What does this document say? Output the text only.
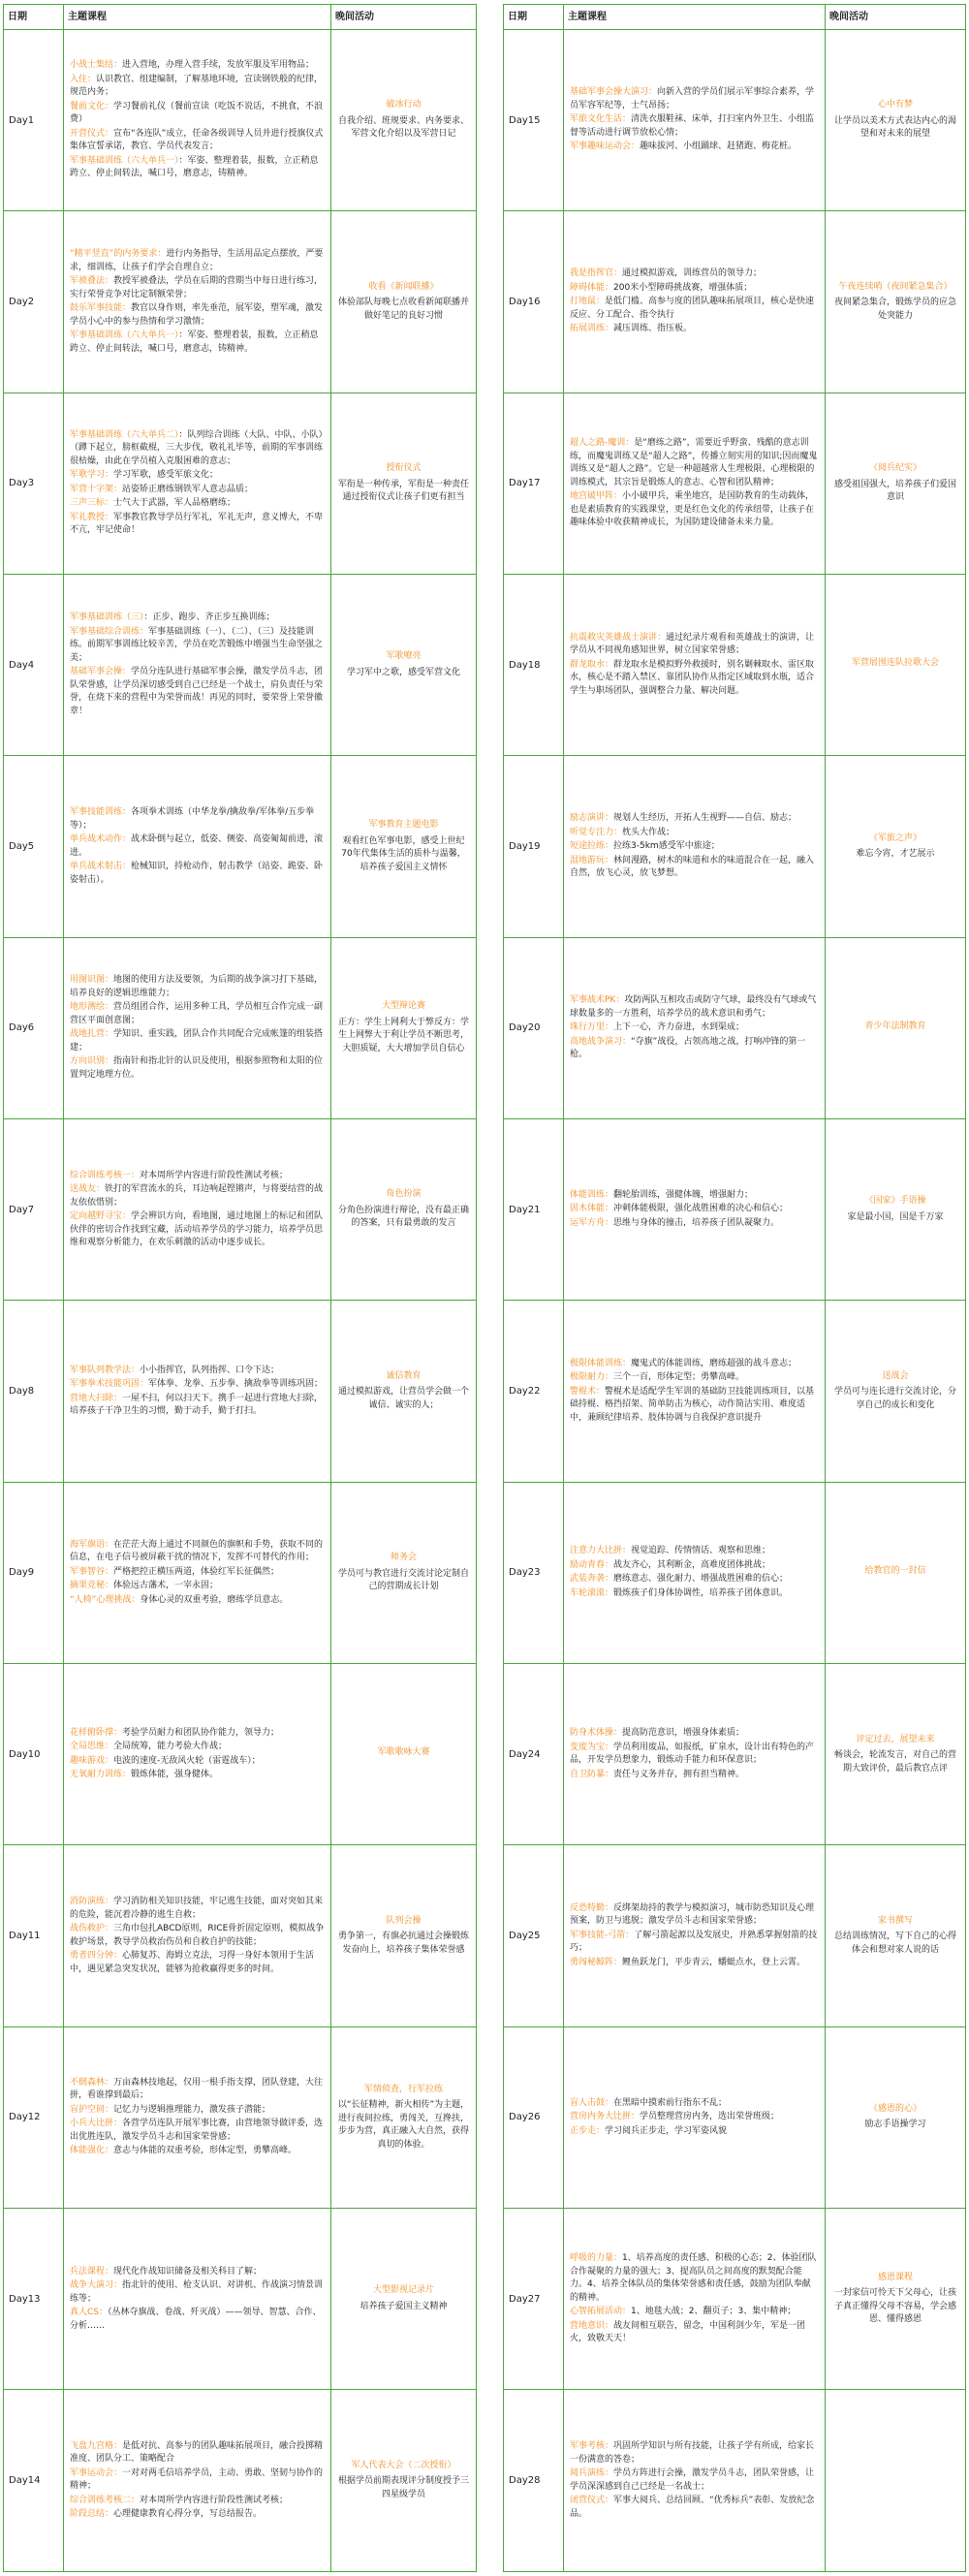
日期	主题课程	晚间活动
Day1	小战士集结：进入营地，办理入营手续，发放军服及军用物品；
入住：认识教官、组建编制，了解基地环境，宣读钢铁般的纪律，规范内务；
餐前文化：学习餐前礼仪（餐前宣读（吃饭不说话，不挑食，不浪费）
开营仪式：宣布“各连队”成立，任命各级训导人员并进行授旗仪式集体宣誓承诺，教官、学员代表发言；
军事基础训练（六大单兵一）：军姿、整理着装，报数，立正稍息跨立、停止间转法，喊口号，磨意志，铸精神。	破冰行动
自我介绍、班规要求、内务要求、军营文化介绍以及军营日记

Day2	“精平竖直”的内务要求：进行内务指导，生活用品定点摆放，严要求，细训练，让孩子们学会自理自立；
军被叠法：教授军被叠法，学员在后期的营期当中每日进行练习，实行荣誉竞争对比定制额荣誉；
鼓乐军事技能：教官以身作则，率先垂范，展军姿，塑军魂，激发学员小心中的参与热情和学习激情；
军事基础训练（六大单兵一）：军姿、整理着装，报数，立正稍息跨立、停止间转法，喊口号，磨意志，铸精神。	收看《新闻联播》
体验部队每晚七点收看新闻联播并做好笔记的良好习惯

Day3	军事基础训练（六大单兵二）：队列综合训练（大队、中队、小队）（蹲下起立，膀框截棍，三大步伐，敬礼礼毕等，前期的军事训练很枯燥，由此在学员植入克服困难的意志；
军歌学习：学习军歌，感受军旅文化；
军营十字架：站姿矫正磨练钢铁军人意志品质；
三声三标：士气大于武器，军人品格磨练；
军礼教授：军事教官教导学员行军礼，军礼无声，意义博大，不卑不亢，牢记使命！	授衔仪式
军衔是一种传承，军衔是一种责任通过授衔仪式让孩子们更有担当

Day4	军事基础训练（三）：正步、跑步、齐正步互换训练；
军事基础综合训练：军事基础训练（一）、（二）、（三）及技能训练。前期军事训练比较辛苦，学员在吃苦锻炼中增强当生命坚强之美；
基础军事会操：学员分连队进行基础军事会操，激发学员斗志，团队荣誉感，让学员深切感受到自己已经是一个战士，肩负责任与荣誉，在烧下来的营程中为荣誉而战！再见的同时，要荣誉上荣誉徽章！	军歌嘹亮
学习军中之歌，感受军营文化

Day5	军事技能训练：各项拳术训练（中华龙拳/擒敌拳/军体拳/五步拳等）；
单兵战术动作：战术卧倒与起立，低姿、侧姿、高姿匍匐前进，滚进。
单兵战术射击：枪械知识，持枪动作，射击教学（站姿、跪姿、卧姿射击）。	军事教育主题电影
观看红色军事电影，感受上世纪70年代集体生活的质朴与温馨，培养孩子爱国主义情怀

Day6	用图识图：地图的使用方法及要领，为后期的战争演习打下基础，培养良好的逻辑思维能力；
地形测绘：营员组团合作，运用多种工具，学员相互合作完成一副营区平面创意图；
战地扎营：学知识、重实践，团队合作共同配合完成帐篷的组装搭建；
方向识别：指南针和指北针的认识及使用，根据参照物和太阳的位置判定地理方位。	大型辩论赛
正方：学生上网利大于弊反方：学生上网弊大于利让学员不断思考，大胆质疑，大大增加学员自信心

Day7	综合训练考核一：对本周所学内容进行阶段性测试考核；
送战友：铁打的军营流水的兵，耳边响起铿锵声，与将要结营的战友依依惜别；
定向越野寻宝：学会辨识方向，看地图，通过地图上的标记和团队伙伴的密切合作找到宝藏，活动培养学员的学习能力，培养学员思维和观察分析能力，在欢乐刺激的活动中逐步成长。	角色扮演
分角色扮演进行辩论，没有最正确的答案，只有最勇敢的发言

Day8	军事队列教学法：小小指挥官，队列指挥、口令下达；
军事拳术技能巩固：军体拳、龙拳、五步拳、擒敌拳等训练巩固；
营地大扫除：一屋不扫，何以扫天下。携手一起进行营地大扫除，培养孩子干净卫生的习惯，勤于动手，勤于打扫。	诚信教育
通过模拟游戏，让营员学会做一个诚信、诚实的人；

Day9	海军旗语：在茫茫大海上通过不同颜色的旗帜和手势，获取不同的信息，在电子信号被屏蔽干扰的情况下，发挥不可替代的作用；
军事智谷：严格把控正横压两道，体验红军长征偶然；
摘果竞秘：体验远古藩术，一宰永固；
“人椅”心理挑战：身体心灵的双重考验，磨练学员意志。	师务会
学员可与教官进行交流讨论定制自己的营期成长计划

Day10	花样俯卧撑：考验学员耐力和团队协作能力，领导力；
全局思维：全局统筹，能力考验大作战；
趣味游戏：电波的速度-无敌风火轮（雷霆战车）；
无氧耐力训练：锻炼体能，强身健体。	军歌歌咏大赛

Day11	消防演练：学习消防相关知识技能，牢记逃生技能，面对突如其来的危险，能沉着冷静的逃生自救；
战伤救护：三角巾包扎ABCD原则，RICE骨折固定原则，模拟战争救护场景，教导学员救治伤员和自救自护的技能；
勇者四分钟：心肺复苏、海姆立克法，习得一身好本领用于生活中，遇见紧急突发状况，能够为抢救赢得更多的时间。	队列会操
勇争第一，有旗必抗通过会操锻炼发奋向上，培养孩子集体荣誉感

Day12	不倒森林：万亩森林技地起，仅用一根手指支撑，团队登建，大往拼，看谁撑到最后；
盲护空间：记忆力与逻辑推理能力，激发孩子潜能；
小兵大比拼：各营学员连队开展军事比赛，由营地领导做评委，选出优胜连队，激发学员斗志和国家荣誉感；
体能强化：意志与体能的双重考验，形体定型，勇攀高峰。	军情侦查，行军拉练
以“长征精神，新火相传”为主题，进行夜间拉练，勇闯关，互搀扶，步步为营，真正融入大自然，获得真切的体验。

Day13	兵法课程：现代化作战知识储备及相关科目了解；
战争大演习：指北针的使用、枪支认识、对讲机、作战演习情景训练等；
真人CS：（丛林夺旗战、卷战、歼灭战）——领导、智慧、合作、分析……	大型影视记录片
培养孩子爱国主义精神

Day14	飞盘九宫格：是低对抗、高参与的团队趣味拓展项目，融合投掷精准度、团队分工、策略配合
军事运动会：一对对两毛信培养学员，主动、勇敢、坚韧与协作的精神；
综合训练考核二：对本周所学内容进行阶段性测试考核；
阶段总结：心理健康教育心得分享，写总结报告。	军人代表大会（二次授衔）
根据学员前期表现评分制度授予三四星级学员
日期	主题课程	晚间活动
Day15	基础军事会操大演习：向新入营的学员们展示军事综合素养，学员军容军纪等，士气昂扬；
军旅文化生活：清洗衣服鞋袜、床单，打扫室内外卫生、小组监督等活动进行调节放松心情；
军事趣味运动会：趣味拔河、小组踊球、赶猪跑、梅花桩。	心中有梦
让学员以美术方式表达内心的渴望和对未来的展望

Day16	我是指挥官：通过模拟游戏，训练营员的领导力；
障碍体能：200米小型障碍挑战赛，增强体质；
打地鼠：是低门槛、高参与度的团队趣味拓展项目，核心是快速反应、分工配合、指令执行
拓展训练：减压训练、指压板。	午夜连续哨（夜间紧急集合）
夜间紧急集合，锻炼学员的应急处突能力

Day17	超人之路-魔训：是“磨练之路”，需要近乎野蛮、残酷的意志训练，而魔鬼训练又是“超人之路”，传播立刻实用的知识;因而魔鬼训练又是“超人之路”。它是一种超越常人生理极限、心理极限的训练模式，其宗旨是锻炼人的意志、心智和团队精神；
地宫破甲阵：小小破甲兵，乘坐地宫，是国防教育的生动载体，也是素质教育的实践课堂，更是红色文化的传承纽带，让孩子在趣味体验中收获精神成长，为国防建设储备未来力量。	《阅兵纪实》
感受祖国强大，培养孩子们爱国意识

Day18	抗震救灾英雄战士演讲：通过纪录片观看和英雄战士的演讲，让学员从不同视角感知世界，树立国家荣誉感；
群龙取水：群龙取水是模拟野外救援时，别名剿棘取水、雷区取水，核心是不踏入禁区、靠团队协作从指定区域取到水瓶，适合学生与职场团队，强调整合力量、解决问题。	军营展围连队拉歌大会

Day19	励志演讲：规划人生经历，开拓人生视野——自信、励志；
听觉专注力：枕头大作战；
短途拉练：拉练3-5km感受军中旅途；
湿地游玩：林间漫路，树木的味道和水的味道混合在一起，融入自然，放飞心灵，放飞梦想。	《军旅之声》
难忘今宵，才艺展示

Day20	军事战术PK：攻防两队互相攻击或防守气球，最终没有气球或气球数量多的一方胜利，培养学员的战术意识和勇气；
珠行万里：上下一心，齐力奋进，水到渠成；
高地战争演习：“夺旗”战役，占领高地之战，打响冲锋的第一枪。	青少年法制教育

Day21	体能训练：翻轮胎训练，强健体魄，增强耐力；
固木体能：冲刺体能极限，强化战胜困难的决心和信心；
运军方舟：思维与身体的撞击，培养孩子团队凝聚力。	《国家》手语操
家是最小国，国是千万家

Day22	极限体能训练：魔鬼式的体能训练，磨练超强的战斗意志；
极限耐力：三个一百，形体定型；勇攀高峰。
警棍术：警棍术是适配学生军训的基础防卫技能训练项目，以基础持棍、格挡招架、简单防击为核心，动作简洁实用、难度适中，兼顾纪律培养、肢体协调与自我保护意识提升	送战会
学员可与连长进行交流讨论，分享自己的成长和变化

Day23	注意力大比拼：视觉追踪、传情情话、观察和思维；
励动青春：战友齐心，其利断金，高难度团体挑战；
武装奔袭：磨练意志、强化耐力、增强战胜困难的信心；
车轮滚滚：锻炼孩子们身体协调性，培养孩子团体意识。	给教官的一封信

Day24	防身术体操：提高防范意识，增强身体素质；
变废为宝：学员利用废品，如报纸，矿泉水，设计出有特色的产品，开发学员想象力，锻炼动手能力和环保意识；
自卫防暴：责任与义务并存，拥有担当精神。	评定过去，展望未来
畅谈会，轮流发言，对自己的营期大致评价，最后教官点评

Day25	反恐特勤：反绑架劫持的教学与模拟演习，城市防恐知识及心理预案，防卫与逃脱；激发学员斗志和国家荣誉感；
军事技能-弓箭：了解弓箭起源以及发展史，并熟悉掌握射箭的技巧；
勇闯秘鲸阵：鲤鱼跃龙门，平步青云，蟠蜓点水，登上云霄。	家书撰写
总结训练情况，写下自己的心得体会和想对家人说的话

Day26	盲人击鼓：在黑暗中摸索前行指东不乱；
营房内务大比拼：学员整理营房内务，选出荣誉班级；
正步走：学习阅兵正步走，学习军姿风貌	《感恩的心》
励志手语操学习

Day27	呼吸的力量：1、培养高度的责任感、积极的心态；2、体验团队合作凝聚的力量的强大；3、提高队员之间高度的默契配合能力。4、培养全体队员的集体荣誉感和责任感，鼓励为团队奉献的精神。
心智拓展活动：1、地毯大战；2、翻页子；3、集中精神；
营地意识：战友间相互联告，留念，中国利剑少年，军是一团火，致敬天天！	感恩课程
一封家信可怜天下父母心，让孩子真正懂得父母不容易，学会感恩、懂得感恩

Day28	军事考核：巩固所学知识与所有技能，让孩子学有所成，给家长一份满意的答卷；
阅兵演练：学员方阵进行会操，激发学员斗志，团队荣誉感，让学员深深感到自己已经是一名战士；
闭营仪式：军事大阅兵、总结回顾、“优秀标兵”表彰、发放纪念品。	
